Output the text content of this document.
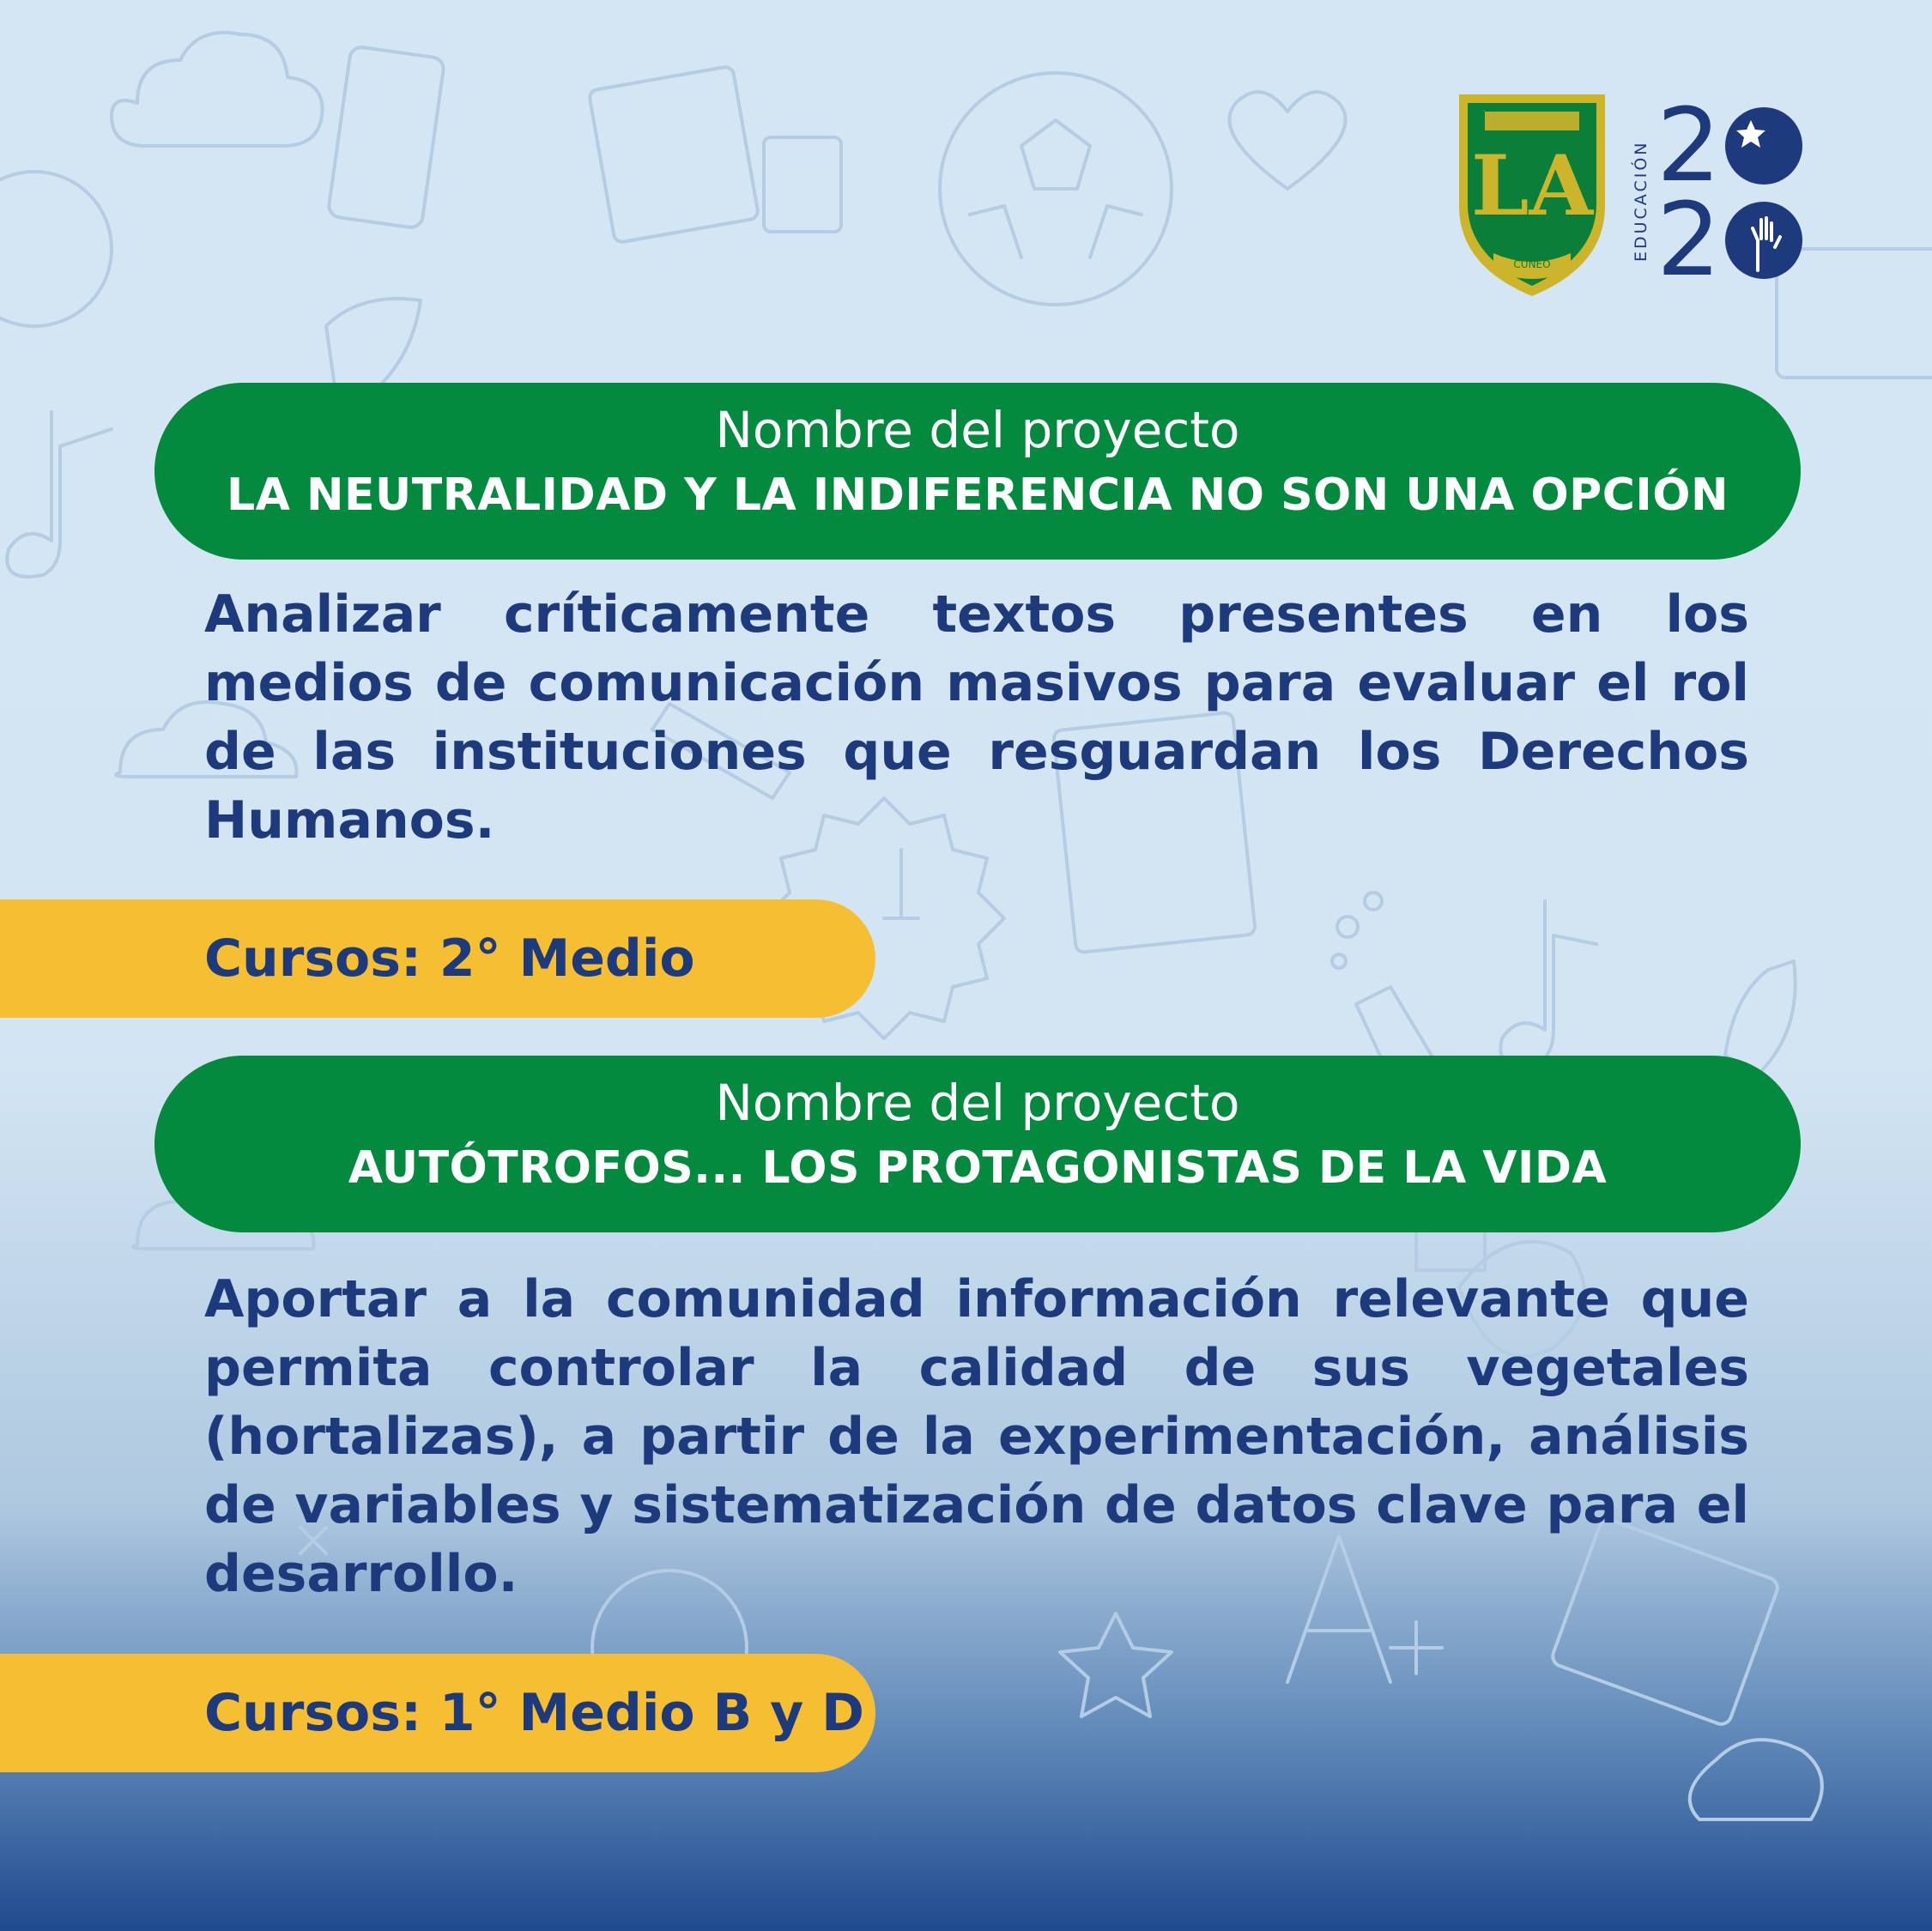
LA
CUNEO
EDUCACIÓN 2
2
Nombre del proyecto
LA NEUTRALIDAD Y LA INDIFERENCIA NO SON UNA OPCIÓN
Analizar críticamente textos presentes en los medios de comunicación masivos para evaluar el rol de las instituciones que resguardan los Derechos Humanos.
Cursos: 2° Medio
Nombre del proyecto
AUTÓTROFOS... LOS PROTAGONISTAS DE LA VIDA
Aportar a la comunidad información relevante que permita controlar la calidad de sus vegetales (hortalizas), a partir de la experimentación, análisis de variables y sistematización de datos clave para el desarrollo.
Cursos: 1° Medio B y D
